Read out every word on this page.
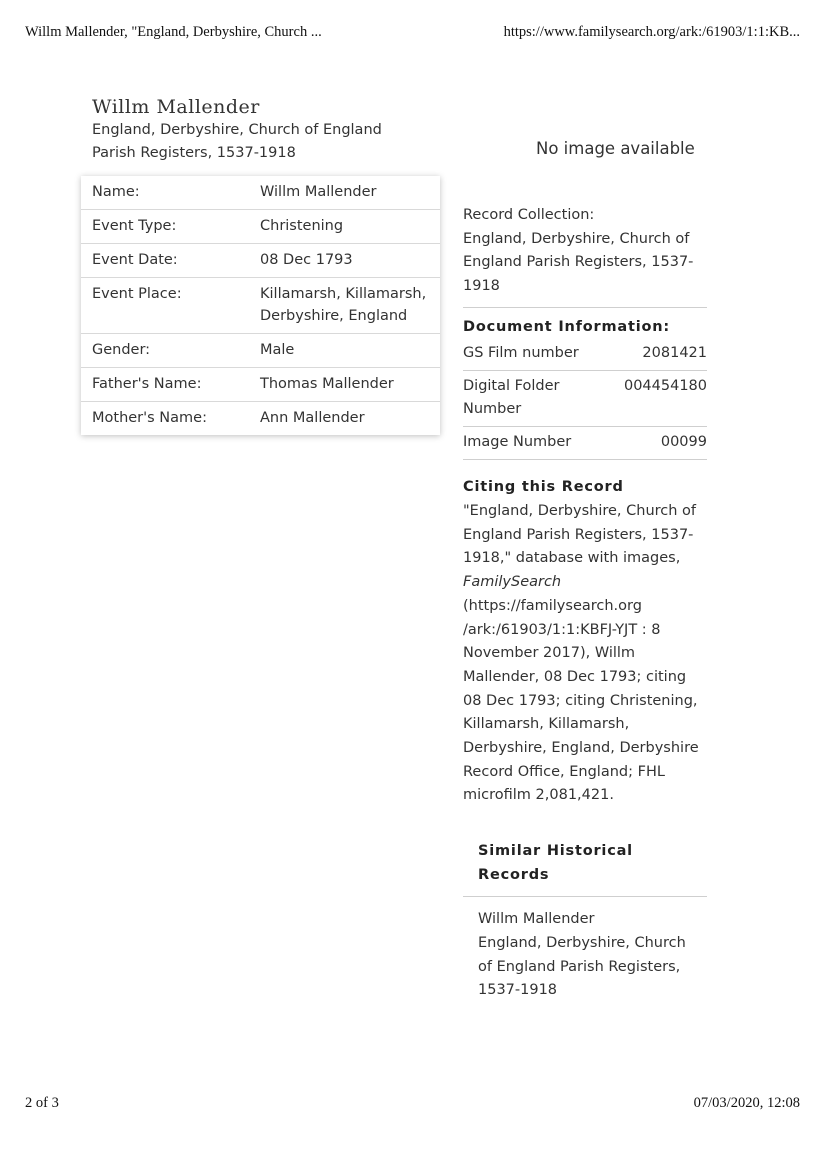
Willm Mallender, "England, Derbyshire, Church ...	https://www.familysearch.org/ark:/61903/1:1:KB...
Willm Mallender
England, Derbyshire, Church of England Parish Registers, 1537-1918
Name:	Willm Mallender
Event Type:	Christening
Event Date:	08 Dec 1793
Event Place:	Killamarsh, Killamarsh, Derbyshire, England
Gender:	Male
Father's Name:	Thomas Mallender
Mother's Name:	Ann Mallender
No image available
Record Collection:
England, Derbyshire, Church of England Parish Registers, 1537-1918
Document Information:
GS Film number	2081421
Digital Folder Number
004454180
Image Number	00099
Citing this Record
"England, Derbyshire, Church of England Parish Registers, 1537-1918," database with images, FamilySearch (https://familysearch.org /ark:/61903/1:1:KBFJ-YJT : 8 November 2017), Willm Mallender, 08 Dec 1793; citing 08 Dec 1793; citing Christening, Killamarsh, Killamarsh, Derbyshire, England, Derbyshire Record Office, England; FHL microfilm 2,081,421.
Similar Historical Records
Willm Mallender
England, Derbyshire, Church of England Parish Registers, 1537-1918
2 of 3	07/03/2020, 12:08
